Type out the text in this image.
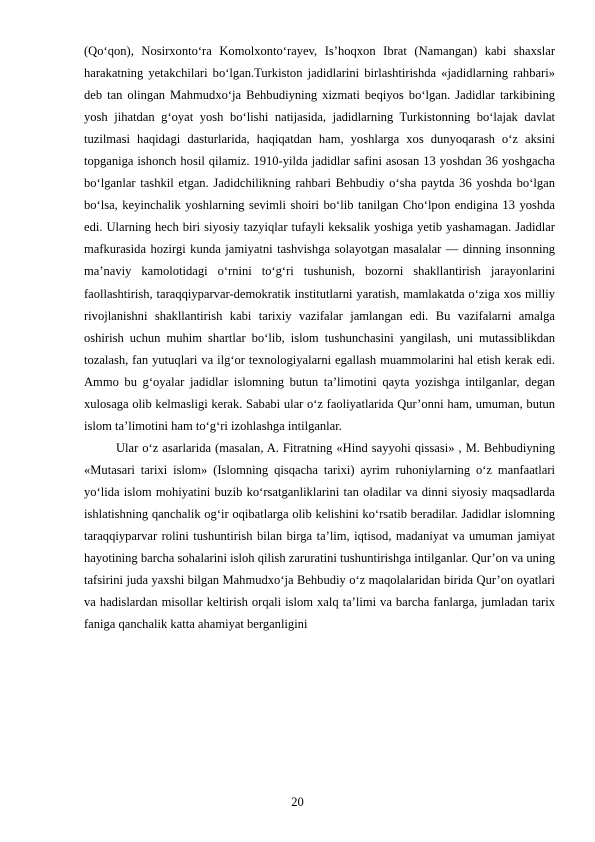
(Qo‘qon), Nosirxonto‘ra Komolxonto‘rayev, Is’hoqxon Ibrat (Namangan) kabi shaxslar harakatning yetakchilari bo‘lgan.Turkiston jadidlarini birlashtirishda «jadidlarning rahbari» deb tan olingan Mahmudxo‘ja Behbudiyning xizmati beqiyos bo‘lgan. Jadidlar tarkibining yosh jihatdan g‘oyat yosh bo‘lishi natijasida, jadidlarning Turkistonning bo‘lajak davlat tuzilmasi haqidagi dasturlarida, haqiqatdan ham, yoshlarga xos dunyoqarash o‘z aksini topganiga ishonch hosil qilamiz. 1910-yilda jadidlar safini asosan 13 yoshdan 36 yoshgacha bo‘lganlar tashkil etgan. Jadidchilikning rahbari Behbudiy o‘sha paytda 36 yoshda bo‘lgan bo‘lsa, keyinchalik yoshlarning sevimli shoiri bo‘lib tanilgan Cho‘lpon endigina 13 yoshda edi. Ularning hech biri siyosiy tazyiqlar tufayli keksalik yoshiga yetib yashamagan. Jadidlar mafkurasida hozirgi kunda jamiyatni tashvishga solayotgan masalalar — dinning insonning ma’naviy kamolotidagi o‘rnini to‘g‘ri tushunish, bozorni shakllantirish jarayonlarini faollashtirish, taraqqiyparvar-demokratik institutlarni yaratish, mamlakatda o‘ziga xos milliy rivojlanishni shakllantirish kabi tarixiy vazifalar jamlangan edi. Bu vazifalarni amalga oshirish uchun muhim shartlar bo‘lib, islom tushunchasini yangilash, uni mutassiblikdan tozalash, fan yutuqlari va ilg‘or texnologiyalarni egallash muammolarini hal etish kerak edi. Ammo bu g‘oyalar jadidlar islomning butun ta’limotini qayta yozishga intilganlar, degan xulosaga olib kelmasligi kerak. Sababi ular o‘z faoliyatlarida Qur’onni ham, umuman, butun islom ta’limotini ham to‘g‘ri izohlashga intilganlar.

Ular o‘z asarlarida (masalan, A. Fitratning «Hind sayyohi qissasi» , M. Behbudiyning «Mutasari tarixi islom» (Islomning qisqacha tarixi) ayrim ruhoniylarning o‘z manfaatlari yo‘lida islom mohiyatini buzib ko‘rsatganliklarini tan oladilar va dinni siyosiy maqsadlarda ishlatishning qanchalik og‘ir oqibatlarga olib kelishini ko‘rsatib beradilar. Jadidlar islomning taraqqiyparvar rolini tushuntirish bilan birga ta’lim, iqtisod, madaniyat va umuman jamiyat hayotining barcha sohalarini isloh qilish zaruratini tushuntirishga intilganlar. Qur’on va uning tafsirini juda yaxshi bilgan Mahmudxo‘ja Behbudiy o‘z maqolalaridan birida Qur’on oyatlari va hadislardan misollar keltirish orqali islom xalq ta’limi va barcha fanlarga, jumladan tarix faniga qanchalik katta ahamiyat berganligini

20
